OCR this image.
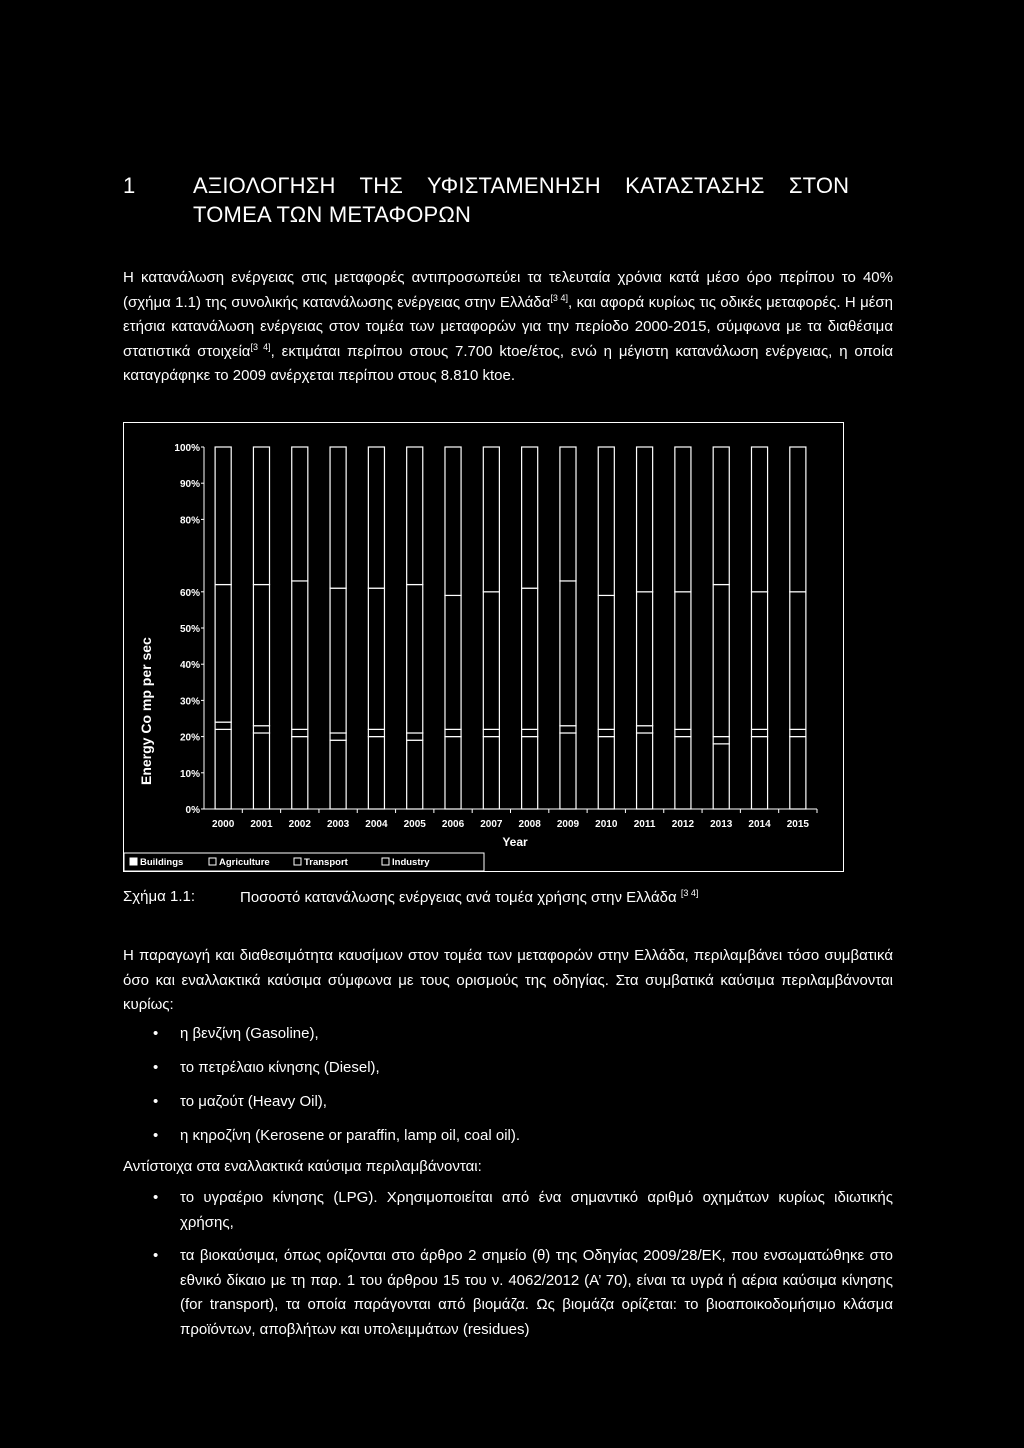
1	ΑΞΙΟΛΟΓΗΣΗ ΤΗΣ ΥΦΙΣΤΑΜΕΝΗΣΗ ΚΑΤΑΣΤΑΣΗΣ ΣΤΟΝ
ΤΟΜΕΑ ΤΩΝ ΜΕΤΑΦΟΡΩΝ
Η κατανάλωση ενέργειας στις μεταφορές αντιπροσωπεύει τα τελευταία χρόνια κατά μέσο όρο περίπου το 40% (σχήμα 1.1) της συνολικής κατανάλωσης ενέργειας στην Ελλάδα[3 4], και αφορά κυρίως τις οδικές μεταφορές. Η μέση ετήσια κατανάλωση ενέργειας στον τομέα των μεταφορών για την περίοδο 2000-2015, σύμφωνα με τα διαθέσιμα στατιστικά στοιχεία[3 4], εκτιμάται περίπου στους 7.700 ktoe/έτος, ενώ η μέγιστη κατανάλωση ενέργειας, η οποία καταγράφηκε το 2009 ανέρχεται περίπου στους 8.810 ktoe.
Energy Co mp per sec
Year
0%
10%
20%
30%
40%
50%
60%
80%
90%
100%
2000 2001 2002 2003 2004 2005 2006 2007 2008 2009 2010 2011 2012 2013 2014 2015
Buildings	Agriculture	Transport	Industry
Σχήμα 1.1:	Ποσοστό κατανάλωσης ενέργειας ανά τομέα χρήσης στην Ελλάδα [3 4]
Η παραγωγή και διαθεσιμότητα καυσίμων στον τομέα των μεταφορών στην Ελλάδα, περιλαμβάνει τόσο συμβατικά όσο και εναλλακτικά καύσιμα σύμφωνα με τους ορισμούς της οδηγίας. Στα συμβατικά καύσιμα περιλαμβάνονται κυρίως:
• η βενζίνη (Gasoline),
• το πετρέλαιο κίνησης (Diesel),
• το μαζούτ (Heavy Oil),
• η κηροζίνη (Kerosene or paraffin, lamp oil, coal oil).
Αντίστοιχα στα εναλλακτικά καύσιμα περιλαμβάνονται:
• το υγραέριο κίνησης (LPG). Χρησιμοποιείται από ένα σημαντικό αριθμό οχημάτων κυρίως ιδιωτικής χρήσης,
• τα βιοκαύσιμα, όπως ορίζονται στο άρθρο 2 σημείο (θ) της Οδηγίας 2009/28/ΕΚ, που ενσωματώθηκε στο εθνικό δίκαιο με τη παρ. 1 του άρθρου 15 του ν. 4062/2012 (Α’ 70), είναι τα υγρά ή αέρια καύσιμα κίνησης (for transport), τα οποία παράγονται από βιομάζα. Ως βιομάζα ορίζεται: το βιοαποικοδομήσιμο κλάσμα προϊόντων, αποβλήτων και υπολειμμάτων (residues)
